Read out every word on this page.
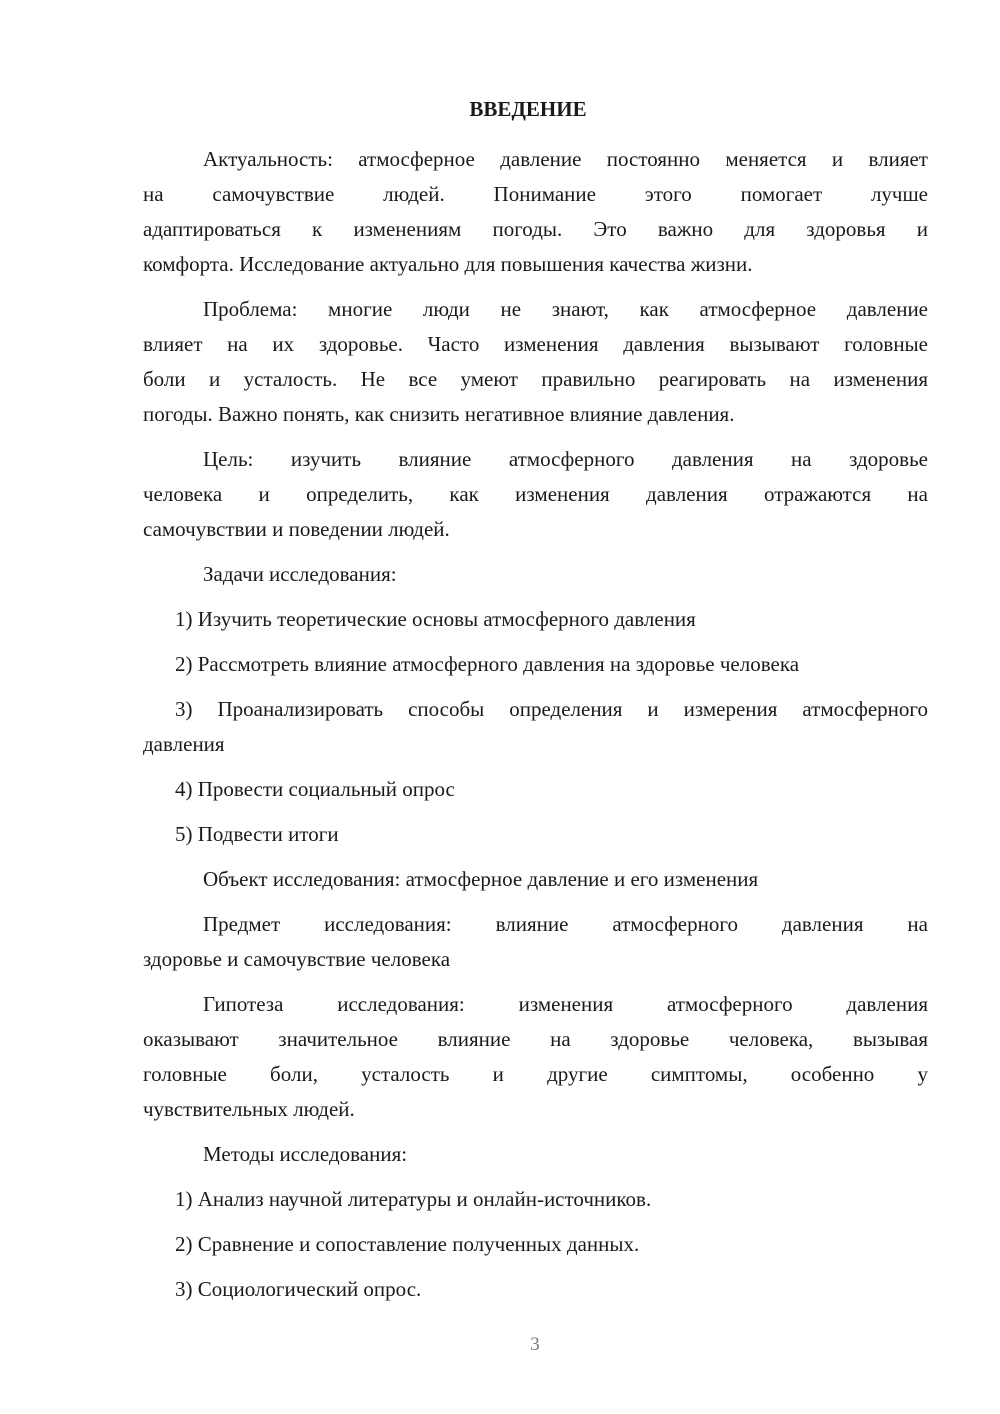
ВВЕДЕНИЕ
Актуальность: атмосферное давление постоянно меняется и влияет
на самочувствие людей. Понимание этого помогает лучше
адаптироваться к изменениям погоды. Это важно для здоровья и
комфорта. Исследование актуально для повышения качества жизни.
Проблема: многие люди не знают, как атмосферное давление
влияет на их здоровье. Часто изменения давления вызывают головные
боли и усталость. Не все умеют правильно реагировать на изменения
погоды. Важно понять, как снизить негативное влияние давления.
Цель: изучить влияние атмосферного давления на здоровье
человека и определить, как изменения давления отражаются на
самочувствии и поведении людей.
Задачи исследования:
1) Изучить теоретические основы атмосферного давления
2) Рассмотреть влияние атмосферного давления на здоровье человека
3) Проанализировать способы определения и измерения атмосферного
давления
4) Провести социальный опрос
5) Подвести итоги
Объект исследования: атмосферное давление и его изменения
Предмет исследования: влияние атмосферного давления на
здоровье и самочувствие человека
Гипотеза исследования: изменения атмосферного давления
оказывают значительное влияние на здоровье человека, вызывая
головные боли, усталость и другие симптомы, особенно у
чувствительных людей.
Методы исследования:
1) Анализ научной литературы и онлайн-источников.
2) Сравнение и сопоставление полученных данных.
3) Социологический опрос.
3
